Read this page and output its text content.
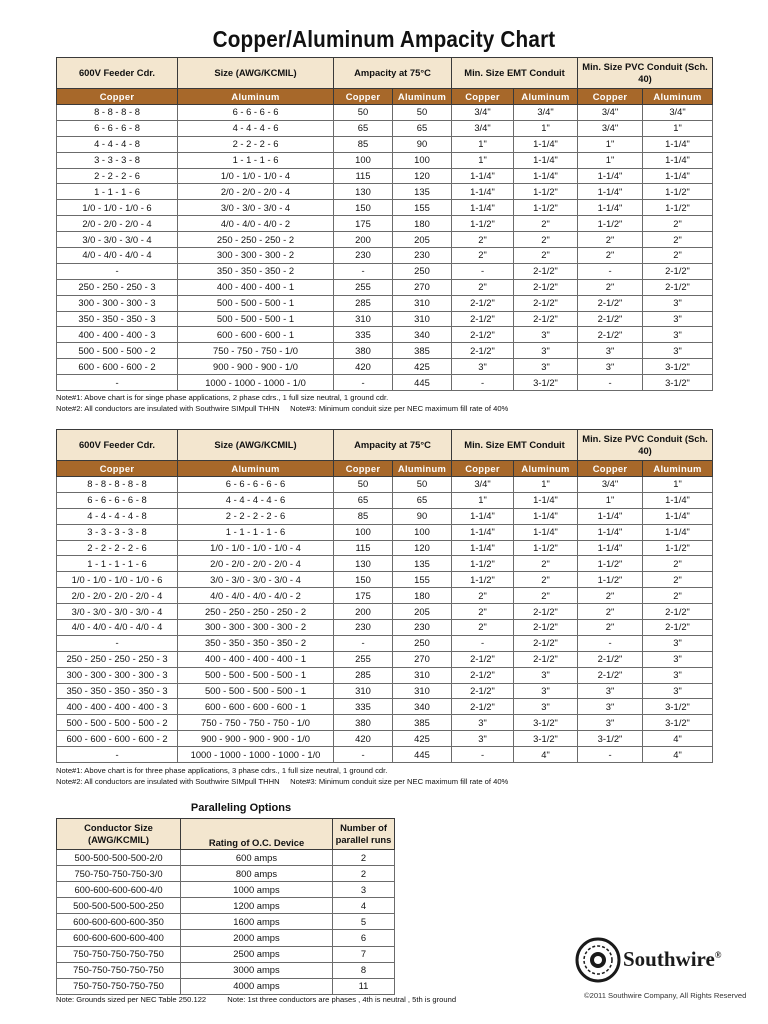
Copper/Aluminum Ampacity Chart
600V Feeder Cdr.	Size (AWG/KCMIL)	Ampacity at 75°C		Min. Size EMT Conduit		Min. Size PVC Conduit (Sch. 40)	
Copper	Aluminum	Copper	Aluminum	Copper	Aluminum	Copper	Aluminum
8 - 8 - 8 - 8	6 - 6 - 6 - 6	50	50	3/4"	3/4"	3/4"	3/4"
6 - 6 - 6 - 8	4 - 4 - 4 - 6	65	65	3/4"	1"	3/4"	1"
4 - 4 - 4 - 8	2 - 2 - 2 - 6	85	90	1"	1-1/4"	1"	1-1/4"
3 - 3 - 3 - 8	1 - 1 - 1 - 6	100	100	1"	1-1/4"	1"	1-1/4"
2 - 2 - 2 - 6	1/0 - 1/0 - 1/0 - 4	115	120	1-1/4"	1-1/4"	1-1/4"	1-1/4"
1 - 1 - 1 - 6	2/0 - 2/0 - 2/0 - 4	130	135	1-1/4"	1-1/2"	1-1/4"	1-1/2"
1/0 - 1/0 - 1/0 - 6	3/0 - 3/0 - 3/0 - 4	150	155	1-1/4"	1-1/2"	1-1/4"	1-1/2"
2/0 - 2/0 - 2/0 - 4	4/0 - 4/0 - 4/0 - 2	175	180	1-1/2"	2"	1-1/2"	2"
3/0 - 3/0 - 3/0 - 4	250 - 250 - 250 - 2	200	205	2"	2"	2"	2"
4/0 - 4/0 - 4/0 - 4	300 - 300 - 300 - 2	230	230	2"	2"	2"	2"
-	350 - 350 - 350 - 2	-	250	-	2-1/2"	-	2-1/2"
250 - 250 - 250 - 3	400 - 400 - 400 - 1	255	270	2"	2-1/2"	2"	2-1/2"
300 - 300 - 300 - 3	500 - 500 - 500 - 1	285	310	2-1/2"	2-1/2"	2-1/2"	3"
350 - 350 - 350 - 3	500 - 500 - 500 - 1	310	310	2-1/2"	2-1/2"	2-1/2"	3"
400 - 400 - 400 - 3	600 - 600 - 600 - 1	335	340	2-1/2"	3"	2-1/2"	3"
500 - 500 - 500 - 2	750 - 750 - 750 - 1/0	380	385	2-1/2"	3"	3"	3"
600 - 600 - 600 - 2	900 - 900 - 900 - 1/0	420	425	3"	3"	3"	3-1/2"
-	1000 - 1000 - 1000 - 1/0	-	445	-	3-1/2"	-	3-1/2"
Note#1: Above chart is for singe phase applications, 2 phase cdrs., 1 full size neutral, 1 ground cdr.
Note#2: All conductors are insulated with Southwire SIMpull THHN Note#3: Minimum conduit size per NEC maximum fill rate of 40%
600V Feeder Cdr.	Size (AWG/KCMIL)	Ampacity at 75°C		Min. Size EMT Conduit		Min. Size PVC Conduit (Sch. 40)	
Copper	Aluminum	Copper	Aluminum	Copper	Aluminum	Copper	Aluminum
8 - 8 - 8 - 8 - 8	6 - 6 - 6 - 6 - 6	50	50	3/4"	1"	3/4"	1"
6 - 6 - 6 - 6 - 8	4 - 4 - 4 - 4 - 6	65	65	1"	1-1/4"	1"	1-1/4"
4 - 4 - 4 - 4 - 8	2 - 2 - 2 - 2 - 6	85	90	1-1/4"	1-1/4"	1-1/4"	1-1/4"
3 - 3 - 3 - 3 - 8	1 - 1 - 1 - 1 - 6	100	100	1-1/4"	1-1/4"	1-1/4"	1-1/4"
2 - 2 - 2 - 2 - 6	1/0 - 1/0 - 1/0 - 1/0 - 4	115	120	1-1/4"	1-1/2"	1-1/4"	1-1/2"
1 - 1 - 1 - 1 - 6	2/0 - 2/0 - 2/0 - 2/0 - 4	130	135	1-1/2"	2"	1-1/2"	2"
1/0 - 1/0 - 1/0 - 1/0 - 6	3/0 - 3/0 - 3/0 - 3/0 - 4	150	155	1-1/2"	2"	1-1/2"	2"
2/0 - 2/0 - 2/0 - 2/0 - 4	4/0 - 4/0 - 4/0 - 4/0 - 2	175	180	2"	2"	2"	2"
3/0 - 3/0 - 3/0 - 3/0 - 4	250 - 250 - 250 - 250 - 2	200	205	2"	2-1/2"	2"	2-1/2"
4/0 - 4/0 - 4/0 - 4/0 - 4	300 - 300 - 300 - 300 - 2	230	230	2"	2-1/2"	2"	2-1/2"
-	350 - 350 - 350 - 350 - 2	-	250	-	2-1/2"	-	3"
250 - 250 - 250 - 250 - 3	400 - 400 - 400 - 400 - 1	255	270	2-1/2"	2-1/2"	2-1/2"	3"
300 - 300 - 300 - 300 - 3	500 - 500 - 500 - 500 - 1	285	310	2-1/2"	3"	2-1/2"	3"
350 - 350 - 350 - 350 - 3	500 - 500 - 500 - 500 - 1	310	310	2-1/2"	3"	3"	3"
400 - 400 - 400 - 400 - 3	600 - 600 - 600 - 600 - 1	335	340	2-1/2"	3"	3"	3-1/2"
500 - 500 - 500 - 500 - 2	750 - 750 - 750 - 750 - 1/0	380	385	3"	3-1/2"	3"	3-1/2"
600 - 600 - 600 - 600 - 2	900 - 900 - 900 - 900 - 1/0	420	425	3"	3-1/2"	3-1/2"	4"
-	1000 - 1000 - 1000 - 1000 - 1/0	-	445	-	4"	-	4"
Note#1: Above chart is for three phase applications, 3 phase cdrs., 1 full size neutral, 1 ground cdr.
Note#2: All conductors are insulated with Southwire SIMpull THHN Note#3: Minimum conduit size per NEC maximum fill rate of 40%
Paralleling Options
Conductor Size (AWG/KCMIL)	Rating of O.C. Device	Number of parallel runs
500-500-500-500-2/0	600 amps	2
750-750-750-750-3/0	800 amps	2
600-600-600-600-4/0	1000 amps	3
500-500-500-500-250	1200 amps	4
600-600-600-600-350	1600 amps	5
600-600-600-600-400	2000 amps	6
750-750-750-750-750	2500 amps	7
750-750-750-750-750	3000 amps	8
750-750-750-750-750	4000 amps	11
Note: Grounds sized per NEC Table 250.122	Note: 1st three conductors are phases , 4th is neutral , 5th is ground
Southwire®
©2011 Southwire Company, All Rights Reserved
